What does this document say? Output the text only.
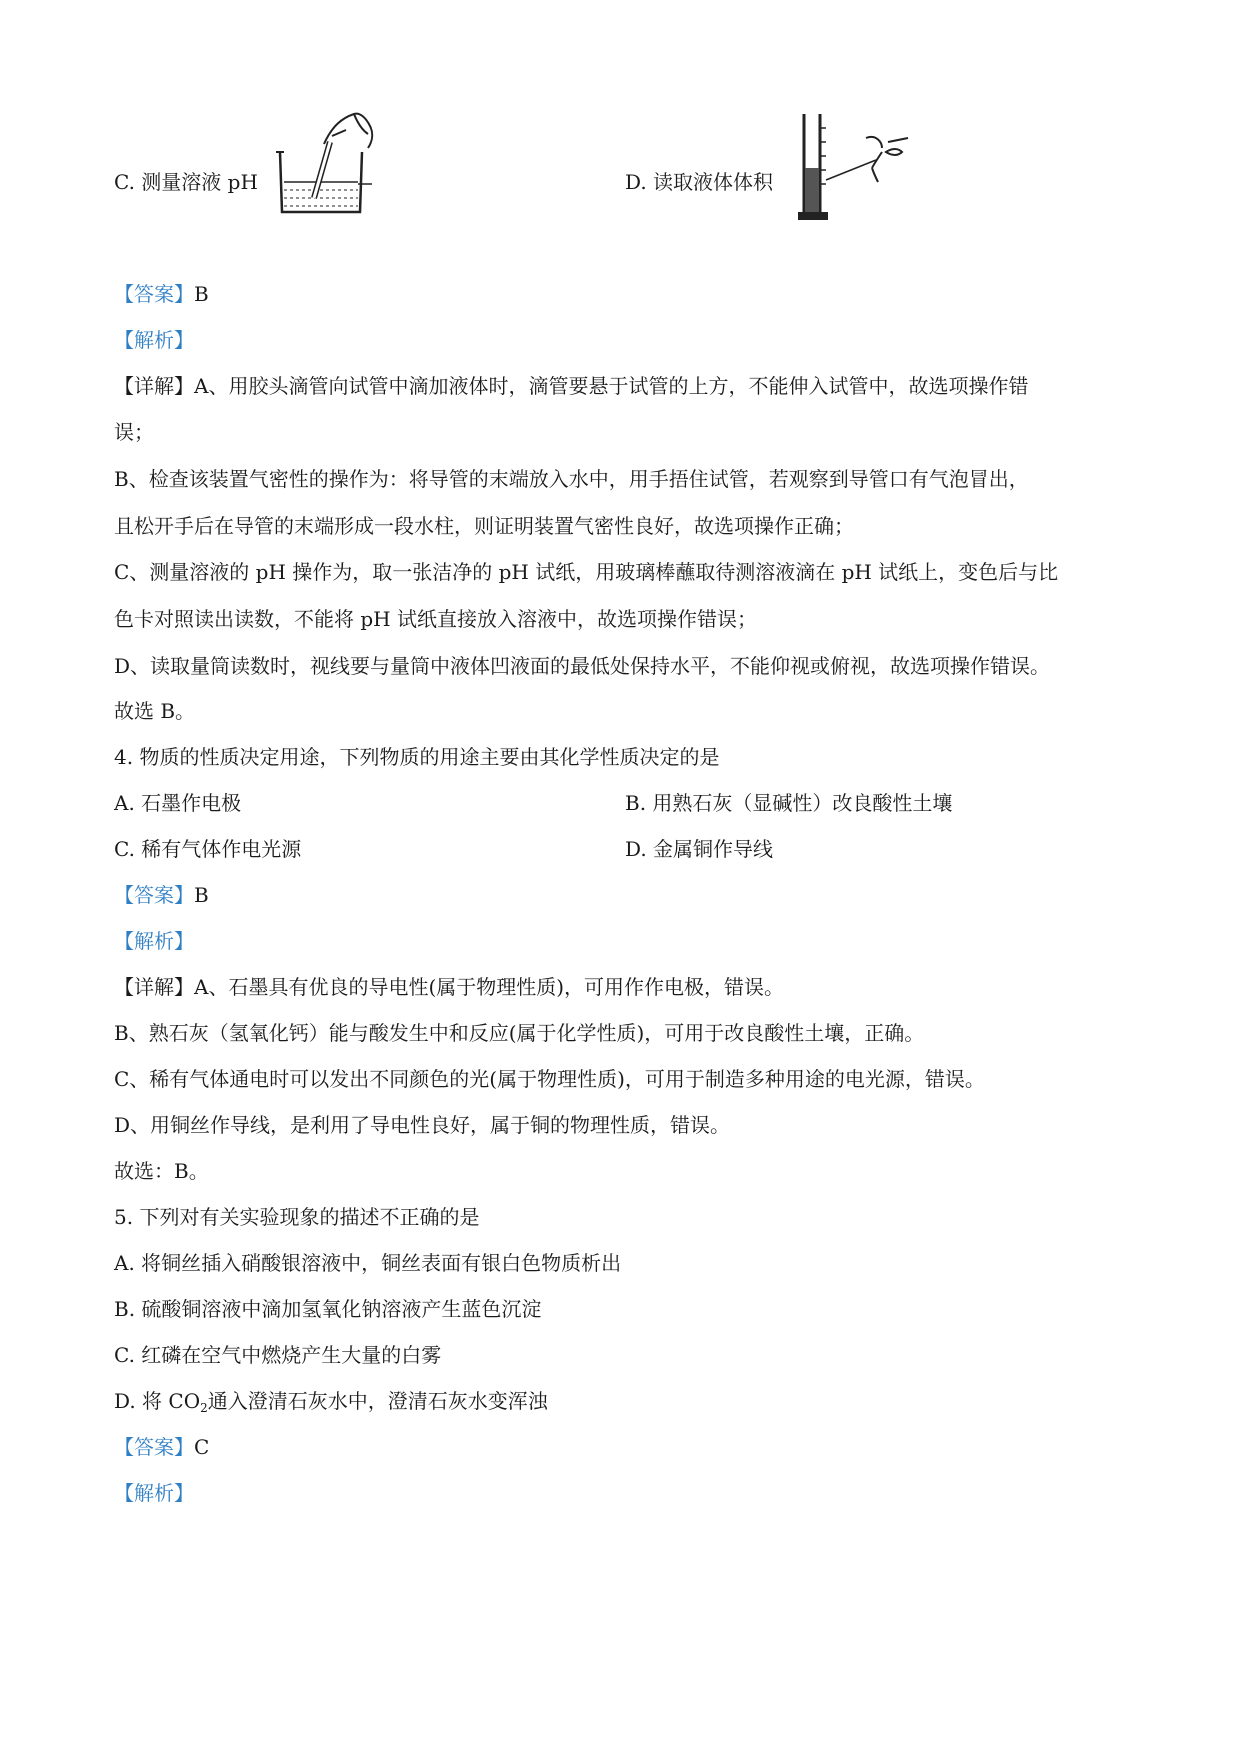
C. 测量溶液 pH	D. 读取液体体积
【答案】B
【解析】
【详解】A、用胶头滴管向试管中滴加液体时，滴管要悬于试管的上方，不能伸入试管中，故选项操作错
误；
B、检查该装置气密性的操作为：将导管的末端放入水中，用手捂住试管，若观察到导管口有气泡冒出，
且松开手后在导管的末端形成一段水柱，则证明装置气密性良好，故选项操作正确；
C、测量溶液的 pH 操作为，取一张洁净的 pH 试纸，用玻璃棒蘸取待测溶液滴在 pH 试纸上，变色后与比
色卡对照读出读数，不能将 pH 试纸直接放入溶液中，故选项操作错误；
D、读取量筒读数时，视线要与量筒中液体凹液面的最低处保持水平，不能仰视或俯视，故选项操作错误。
故选 B。
4. 物质的性质决定用途，下列物质的用途主要由其化学性质决定的是
A. 石墨作电极	B. 用熟石灰（显碱性）改良酸性土壤
C. 稀有气体作电光源	D. 金属铜作导线
【答案】B
【解析】
【详解】A、石墨具有优良的导电性(属于物理性质)，可用作作电极，错误。
B、熟石灰（氢氧化钙）能与酸发生中和反应(属于化学性质)，可用于改良酸性土壤，正确。
C、稀有气体通电时可以发出不同颜色的光(属于物理性质)，可用于制造多种用途的电光源，错误。
D、用铜丝作导线，是利用了导电性良好，属于铜的物理性质，错误。
故选：B。
5. 下列对有关实验现象的描述不正确的是
A. 将铜丝插入硝酸银溶液中，铜丝表面有银白色物质析出
B. 硫酸铜溶液中滴加氢氧化钠溶液产生蓝色沉淀
C. 红磷在空气中燃烧产生大量的白雾
D. 将 $CO_2$通入澄清石灰水中，澄清石灰水变浑浊
【答案】C
【解析】
